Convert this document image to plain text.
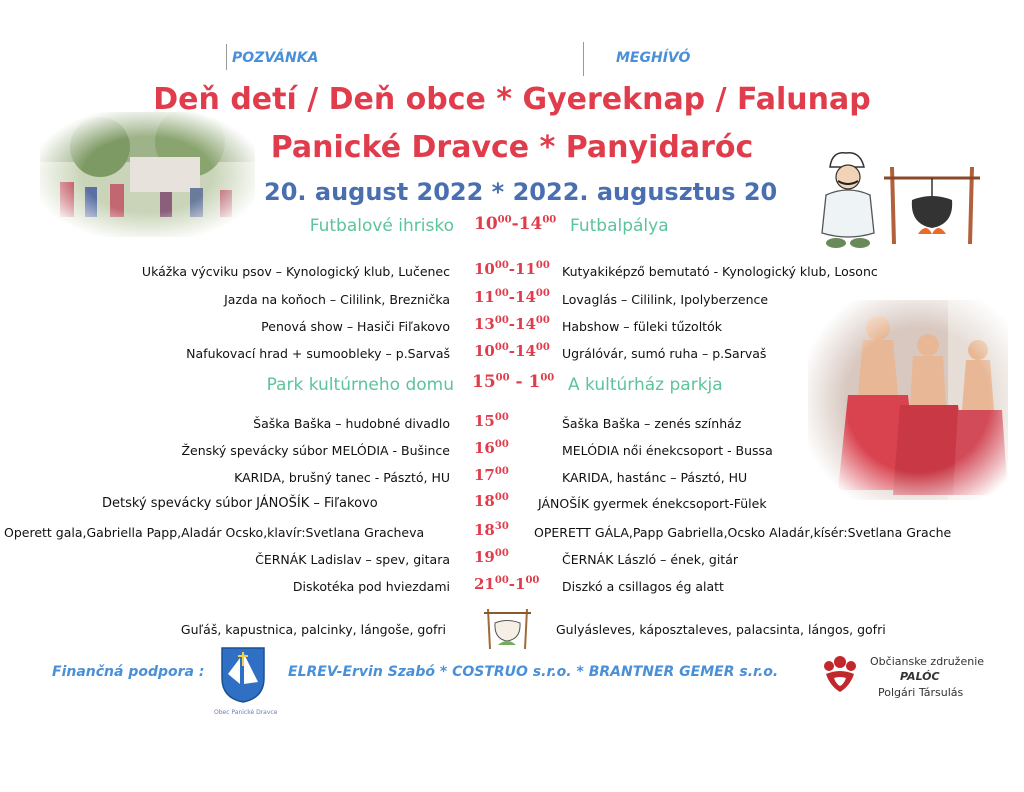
POZVÁNKA	MEGHÍVÓ
Deň detí / Deň obce * Gyereknap / Falunap
Panické Dravce * Panyidaróc
20. august 2022 * 2022. augusztus 20
Futbalové ihrisko $10^{00}-14^{00}$ Futbalpálya
Ukážka výcviku psov – Kynologický klub, Lučenec $10^{00}-11^{00}$ Kutyakiképző bemutató - Kynologický klub, Losonc
Jazda na koňoch – Cililink, Breznička $11^{00}-14^{00}$ Lovaglás – Cililink, Ipolyberzence
Penová show – Hasiči Fiľakovo $13^{00}-14^{00}$ Habshow – füleki tűzoltók
Nafukovací hrad + sumoobleky – p.Sarvaš $10^{00}-14^{00}$ Ugrálóvár, sumó ruha – p.Sarvaš
Park kultúrneho domu $15^{00} - 1^{00}$ A kultúrház parkja
Šaška Baška – hudobné divadlo $15^{00}$	Šaška Baška – zenés színház
Ženský spevácky súbor MELÓDIA - Bušince $16^{00}$	MELÓDIA női énekcsoport - Bussa
KARIDA, brušný tanec - Pásztó, HU $17^{00}$	KARIDA, hastánc – Pásztó, HU
Detský spevácky súbor JÁNOŠÍK – Fiľakovo	$18^{00}$ JÁNOŠÍK gyermek énekcsoport-Fülek
Operett gala,Gabriella Papp,Aladár Ocsko,klavír:Svetlana Gracheva	$18^{30}$ OPERETT GÁLA,Papp Gabriella,Ocsko Aladár,kísér:Svetlana Grache
ČERNÁK Ladislav – spev, gitara $19^{00}$	ČERNÁK László – ének, gitár
Diskotéka pod hviezdami $21^{00}-1^{00}$ Diszkó a csillagos ég alatt
Guľáš, kapustnica, palcinky, lángoše, gofri	Gulyásleves, káposztaleves, palacsinta, lángos, gofri
Finančná podpora :
Obec Panické Dravce
ELREV-Ervin Szabó * COSTRUO s.r.o. * BRANTNER GEMER s.r.o.
Občianske združenie
PALÓC
Polgári Társulás
